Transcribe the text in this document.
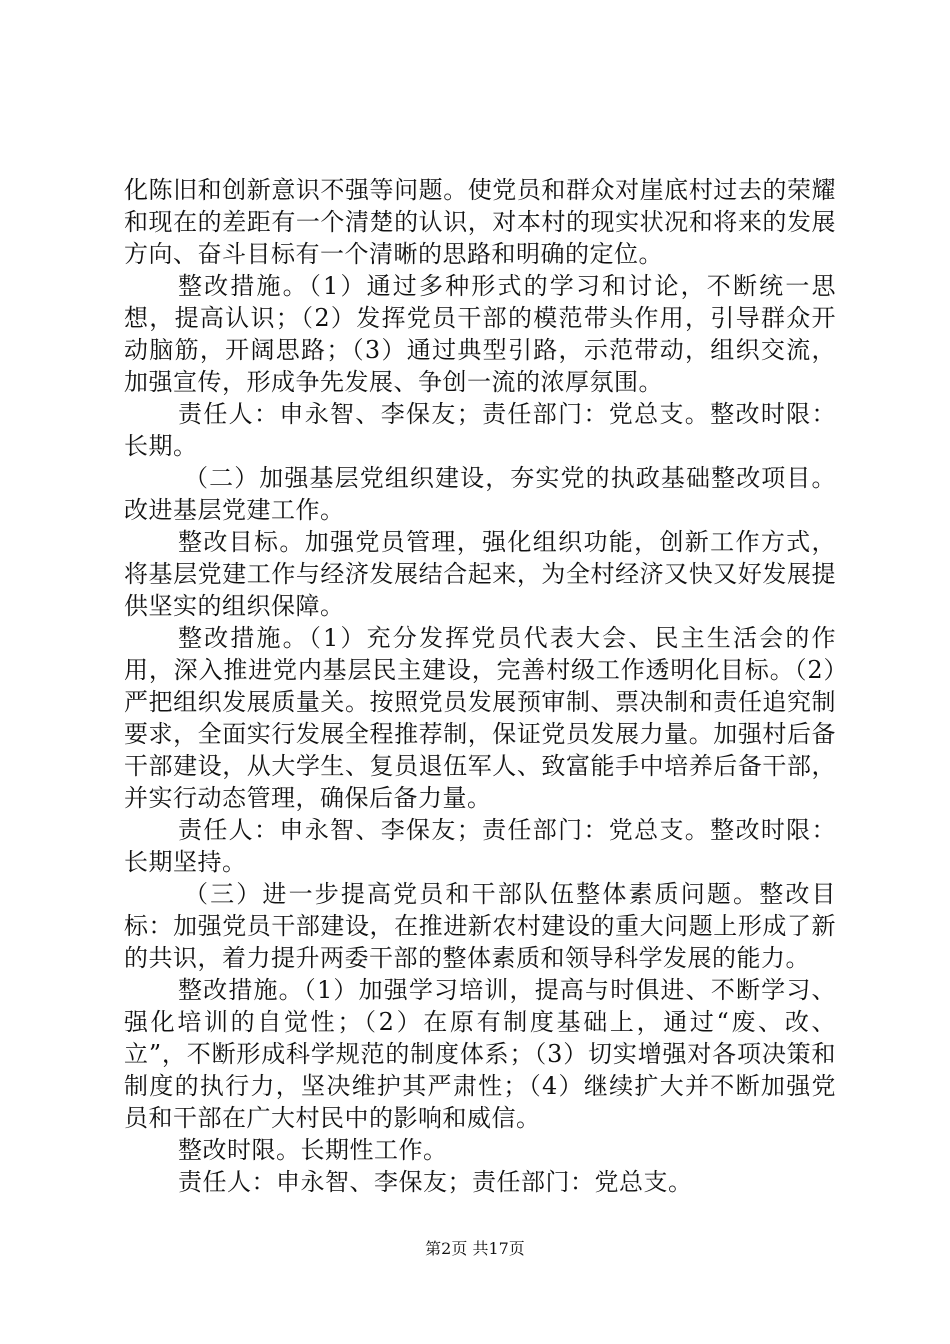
化陈旧和创新意识不强等问题。使党员和群众对崖底村过去的荣耀和现在的差距有一个清楚的认识，对本村的现实状况和将来的发展方向、奋斗目标有一个清晰的思路和明确的定位。

整改措施。（1）通过多种形式的学习和讨论，不断统一思想，提高认识；（2）发挥党员干部的模范带头作用，引导群众开动脑筋，开阔思路；（3）通过典型引路，示范带动，组织交流，加强宣传，形成争先发展、争创一流的浓厚氛围。

责任人：申永智、李保友；责任部门：党总支。整改时限：长期。

（二）加强基层党组织建设，夯实党的执政基础整改项目。改进基层党建工作。

整改目标。加强党员管理，强化组织功能，创新工作方式，将基层党建工作与经济发展结合起来，为全村经济又快又好发展提供坚实的组织保障。

整改措施。（1）充分发挥党员代表大会、民主生活会的作用，深入推进党内基层民主建设，完善村级工作透明化目标。（2）严把组织发展质量关。按照党员发展预审制、票决制和责任追究制要求，全面实行发展全程推荐制，保证党员发展力量。加强村后备干部建设，从大学生、复员退伍军人、致富能手中培养后备干部，并实行动态管理，确保后备力量。

责任人：申永智、李保友；责任部门：党总支。整改时限：长期坚持。

（三）进一步提高党员和干部队伍整体素质问题。整改目标：加强党员干部建设，在推进新农村建设的重大问题上形成了新的共识，着力提升两委干部的整体素质和领导科学发展的能力。

整改措施。（1）加强学习培训，提高与时俱进、不断学习、强化培训的自觉性；（2）在原有制度基础上，通过“废、改、立”，不断形成科学规范的制度体系；（3）切实增强对各项决策和制度的执行力，坚决维护其严肃性；（4）继续扩大并不断加强党员和干部在广大村民中的影响和威信。

整改时限。长期性工作。

责任人：申永智、李保友；责任部门：党总支。

第2页 共17页
